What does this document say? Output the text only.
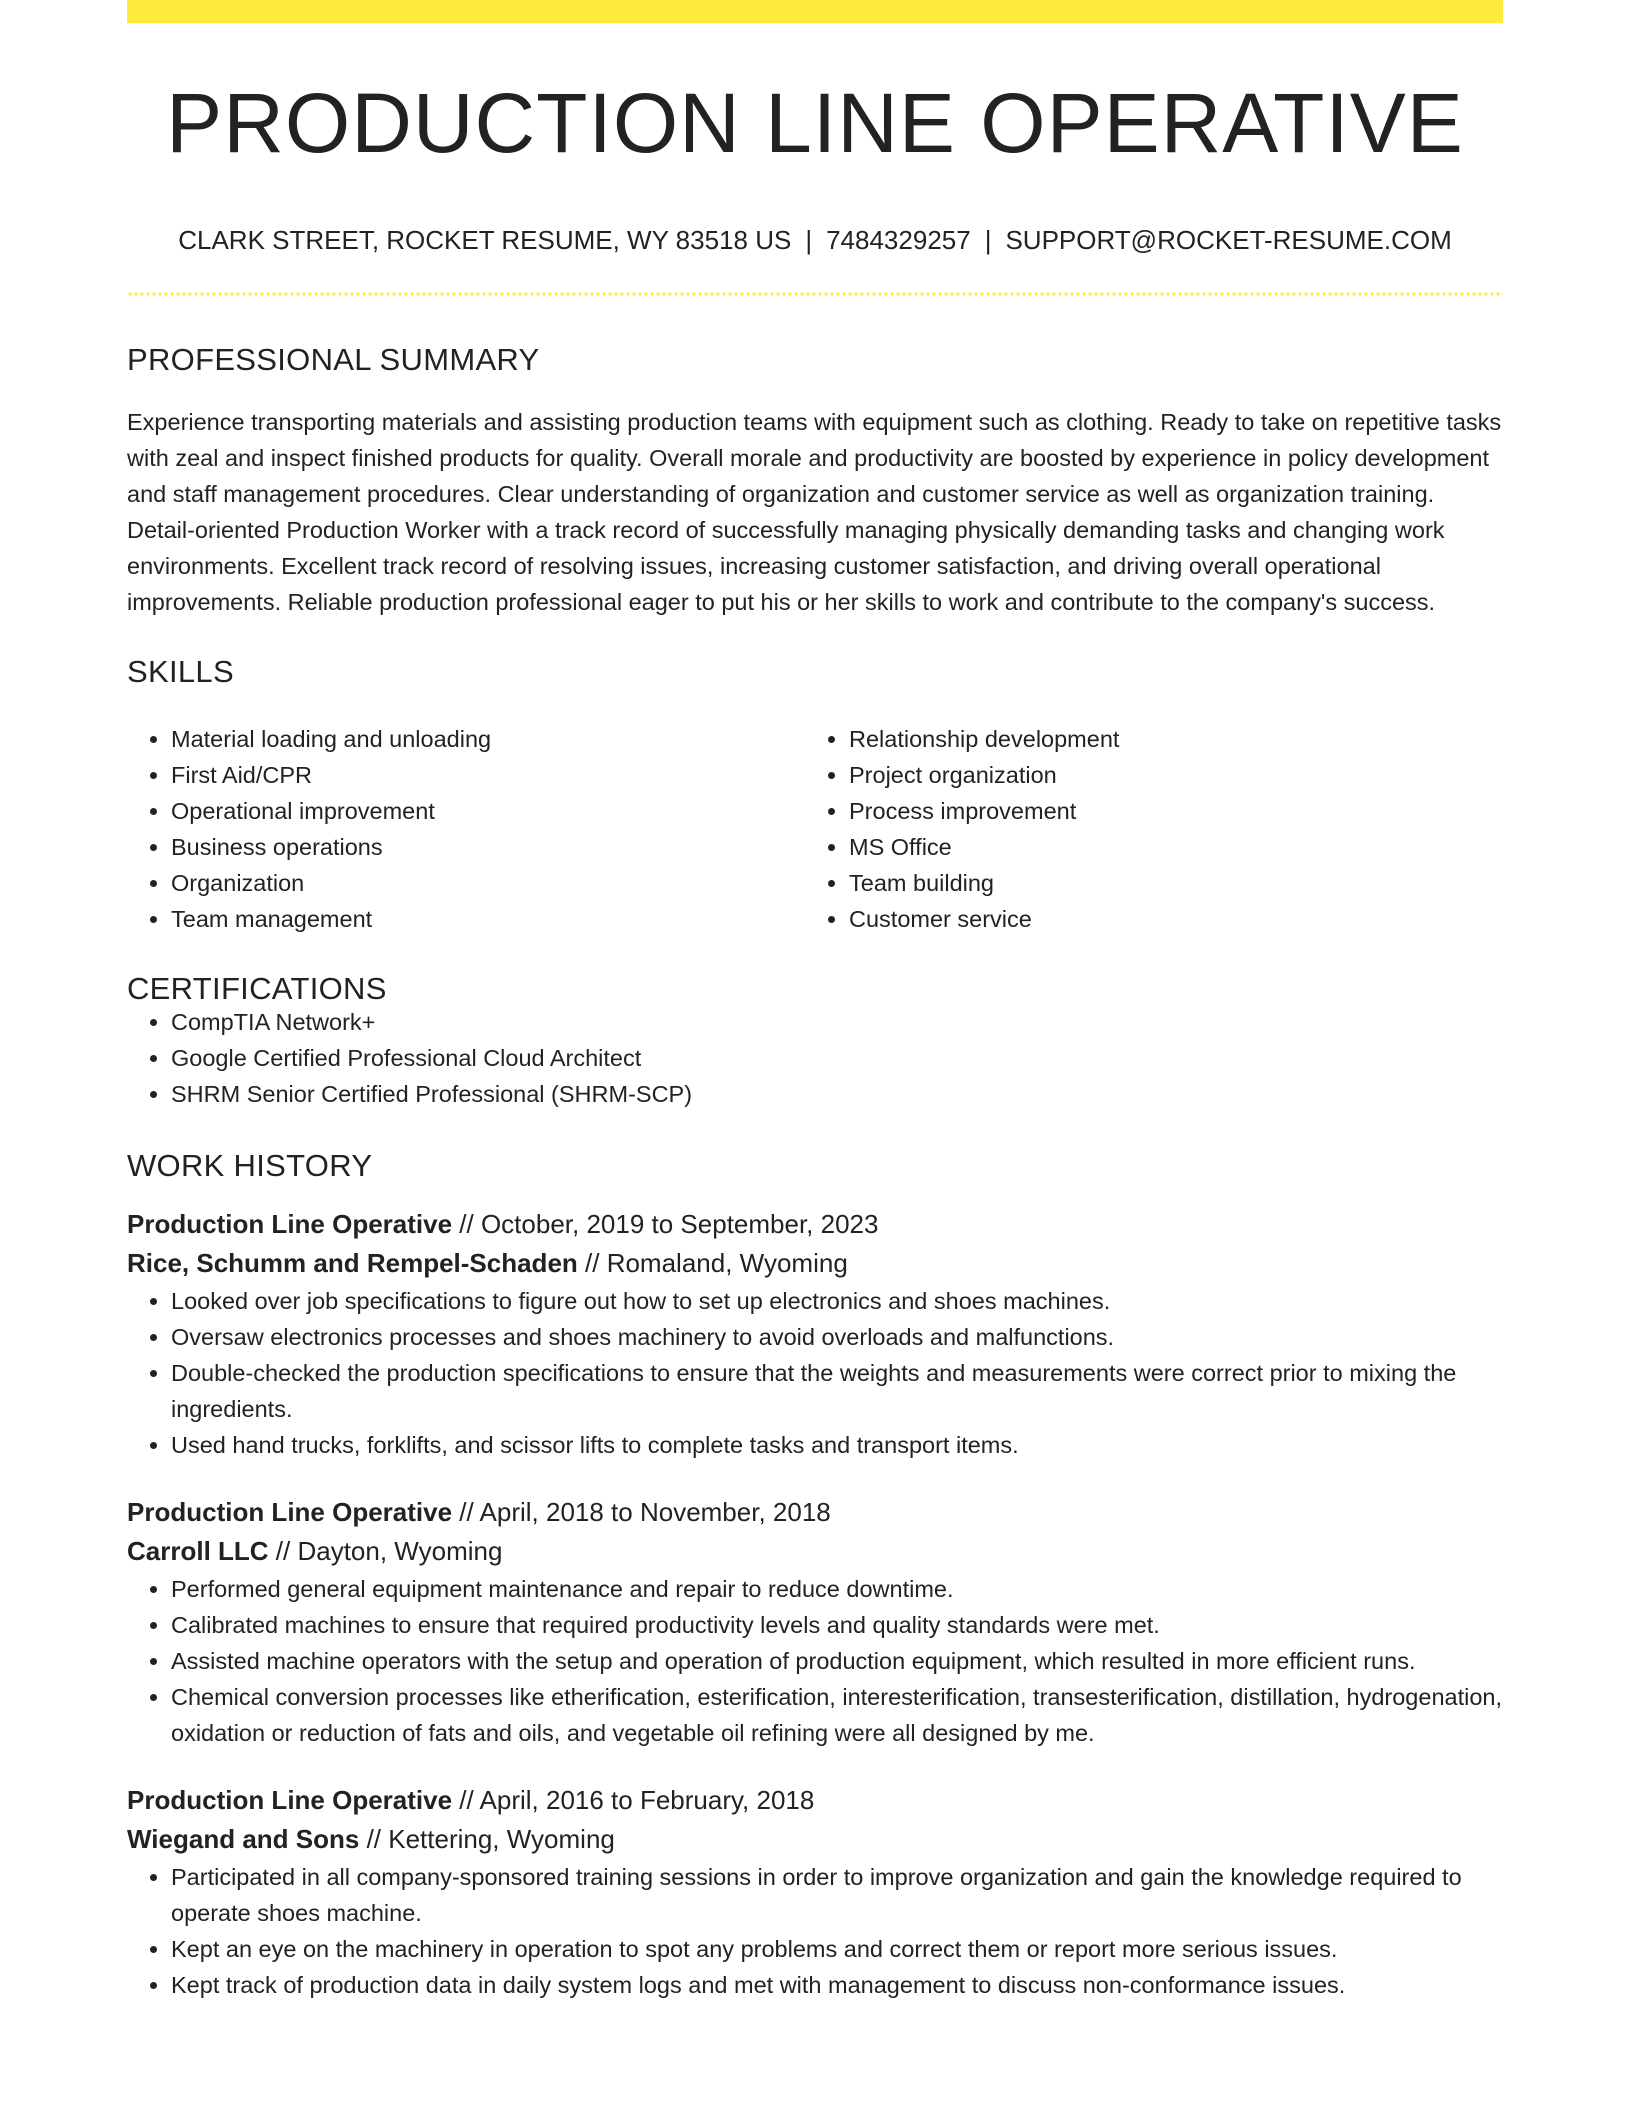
PRODUCTION LINE OPERATIVE
CLARK STREET, ROCKET RESUME, WY 83518 US | 7484329257 | SUPPORT@ROCKET-RESUME.COM
PROFESSIONAL SUMMARY
Experience transporting materials and assisting production teams with equipment such as clothing. Ready to take on repetitive tasks with zeal and inspect finished products for quality. Overall morale and productivity are boosted by experience in policy development and staff management procedures. Clear understanding of organization and customer service as well as organization training. Detail-oriented Production Worker with a track record of successfully managing physically demanding tasks and changing work environments. Excellent track record of resolving issues, increasing customer satisfaction, and driving overall operational improvements. Reliable production professional eager to put his or her skills to work and contribute to the company's success.
SKILLS
• Material loading and unloading
• First Aid/CPR
• Operational improvement
• Business operations
• Organization
• Team management
• Relationship development
• Project organization
• Process improvement
• MS Office
• Team building
• Customer service
CERTIFICATIONS
• CompTIA Network+
• Google Certified Professional Cloud Architect
• SHRM Senior Certified Professional (SHRM-SCP)
WORK HISTORY
Production Line Operative // October, 2019 to September, 2023
Rice, Schumm and Rempel-Schaden // Romaland, Wyoming
• Looked over job specifications to figure out how to set up electronics and shoes machines.
• Oversaw electronics processes and shoes machinery to avoid overloads and malfunctions.
• Double-checked the production specifications to ensure that the weights and measurements were correct prior to mixing the ingredients.
• Used hand trucks, forklifts, and scissor lifts to complete tasks and transport items.
Production Line Operative // April, 2018 to November, 2018
Carroll LLC // Dayton, Wyoming
• Performed general equipment maintenance and repair to reduce downtime.
• Calibrated machines to ensure that required productivity levels and quality standards were met.
• Assisted machine operators with the setup and operation of production equipment, which resulted in more efficient runs.
• Chemical conversion processes like etherification, esterification, interesterification, transesterification, distillation, hydrogenation, oxidation or reduction of fats and oils, and vegetable oil refining were all designed by me.
Production Line Operative // April, 2016 to February, 2018
Wiegand and Sons // Kettering, Wyoming
• Participated in all company-sponsored training sessions in order to improve organization and gain the knowledge required to operate shoes machine.
• Kept an eye on the machinery in operation to spot any problems and correct them or report more serious issues.
• Kept track of production data in daily system logs and met with management to discuss non-conformance issues.
